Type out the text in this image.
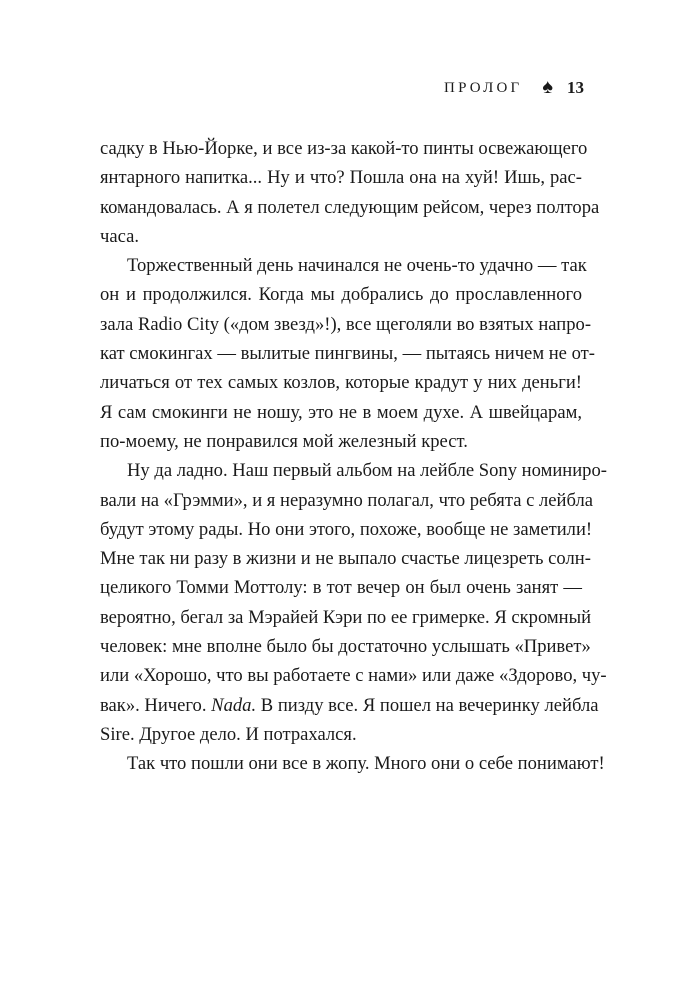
ПРОЛОГ ♠ 13

садку в Нью-Йорке, и все из-за какой-то пинты освежающего
янтарного напитка... Ну и что? Пошла она на хуй! Ишь, рас-
командовалась. А я полетел следующим рейсом, через полтора
часа.

Торжественный день начинался не очень-то удачно — так
он и продолжился. Когда мы добрались до прославленного
зала Radio City («дом звезд»!), все щеголяли во взятых напро-
кат смокингах — вылитые пингвины, — пытаясь ничем не от-
личаться от тех самых козлов, которые крадут у них деньги!
Я сам смокинги не ношу, это не в моем духе. А швейцарам,
по-моему, не понравился мой железный крест.

Ну да ладно. Наш первый альбом на лейбле Sony номиниро-
вали на «Грэмми», и я неразумно полагал, что ребята с лейбла
будут этому рады. Но они этого, похоже, вообще не заметили!
Мне так ни разу в жизни и не выпало счастье лицезреть солн-
целикого Томми Моттолу: в тот вечер он был очень занят —
вероятно, бегал за Мэрайей Кэри по ее гримерке. Я скромный
человек: мне вполне было бы достаточно услышать «Привет»
или «Хорошо, что вы работаете с нами» или даже «Здорово, чу-
вак». Ничего. Nada. В пизду все. Я пошел на вечеринку лейбла
Sire. Другое дело. И потрахался.

Так что пошли они все в жопу. Много они о себе понимают!
